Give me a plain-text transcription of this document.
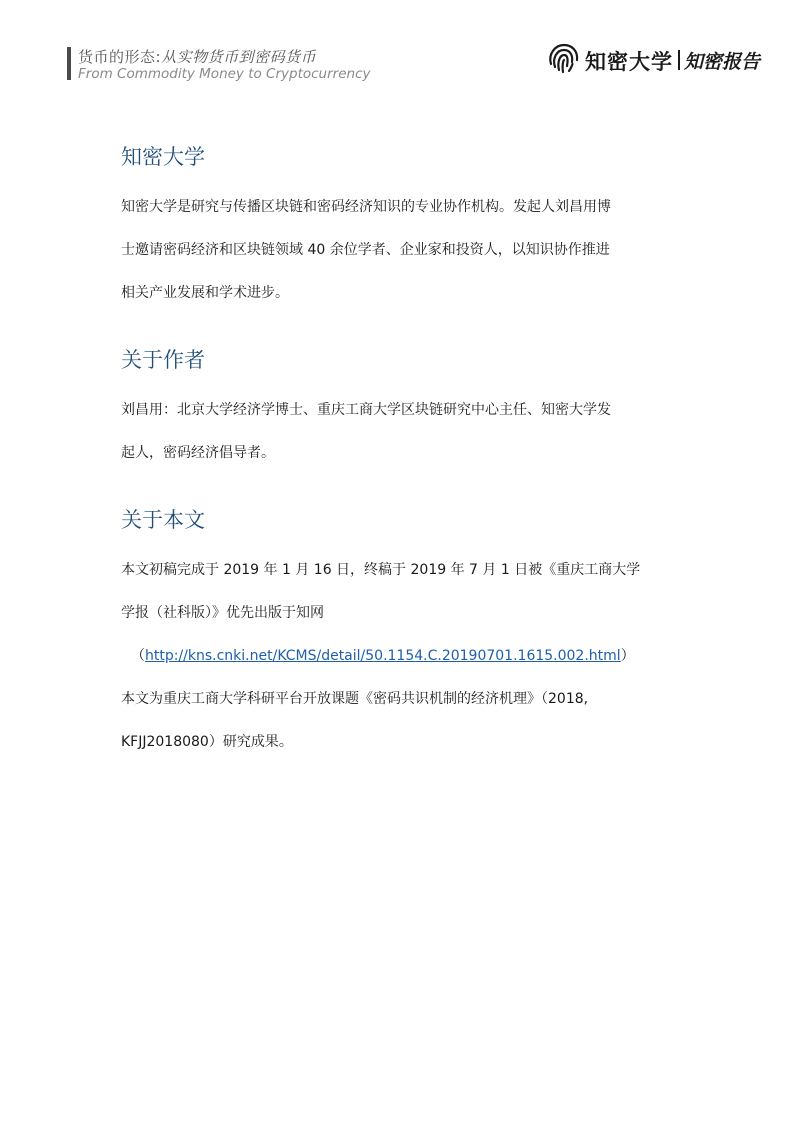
货币的形态:从实物货币到密码货币
From Commodity Money to Cryptocurrency	知密大学 知密报告
知密大学

知密大学是研究与传播区块链和密码经济知识的专业协作机构。发起人刘昌用博

士邀请密码经济和区块链领域 40 余位学者、企业家和投资人，以知识协作推进

相关产业发展和学术进步。

关于作者

刘昌用：北京大学经济学博士、重庆工商大学区块链研究中心主任、知密大学发

起人，密码经济倡导者。

关于本文

本文初稿完成于 2019 年 1 月 16 日，终稿于 2019 年 7 月 1 日被《重庆工商大学

学报（社科版）》优先出版于知网

（http://kns.cnki.net/KCMS/detail/50.1154.C.20190701.1615.002.html）

本文为重庆工商大学科研平台开放课题《密码共识机制的经济机理》（2018,

KFJJ2018080）研究成果。
